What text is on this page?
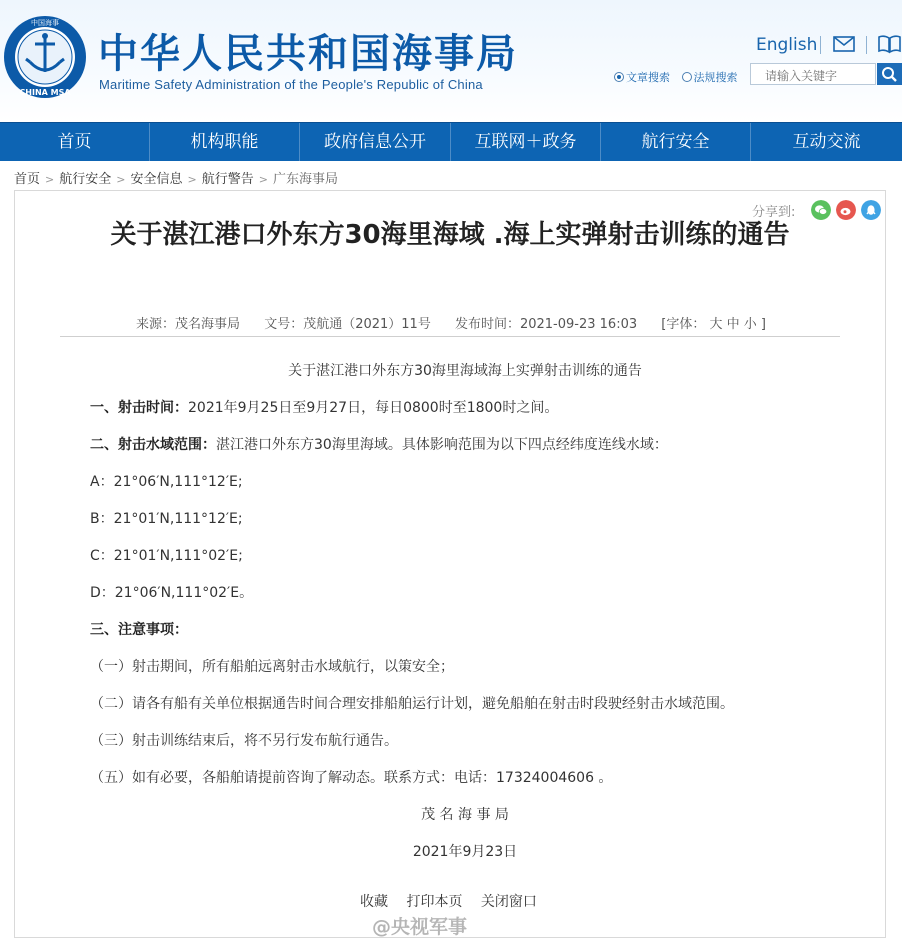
中国海事
CHINA MSA
中华人民共和国海事局
Maritime Safety Administration of the People's Republic of China
English
文章搜索 法规搜索
请输入关键字
首页	机构职能	政府信息公开	互联网＋政务	航行安全	互动交流
首页 > 航行安全 > 安全信息 > 航行警告 > 广东海事局
分享到:
关于湛江港口外东方30海里海域 .海上实弹射击训练的通告
来源：茂名海事局 文号：茂航通（2021）11号 发布时间：2021-09-23 16:03 [字体： 大 中 小 ]
关于湛江港口外东方30海里海域海上实弹射击训练的通告
一、射击时间：2021年9月25日至9月27日，每日0800时至1800时之间。
二、射击水域范围：湛江港口外东方30海里海域。具体影响范围为以下四点经纬度连线水域：
A：21°06′N,111°12′E;
B：21°01′N,111°12′E;
C：21°01′N,111°02′E;
D：21°06′N,111°02′E。
三、注意事项：
（一）射击期间，所有船舶远离射击水域航行，以策安全；
（二）请各有船有关单位根据通告时间合理安排船舶运行计划，避免船舶在射击时段驶经射击水域范围。
（三）射击训练结束后，将不另行发布航行通告。
（五）如有必要，各船舶请提前咨询了解动态。联系方式：电话：17324004606 。
茂 名 海 事 局
2021年9月23日
收藏 打印本页 关闭窗口
@央视军事
